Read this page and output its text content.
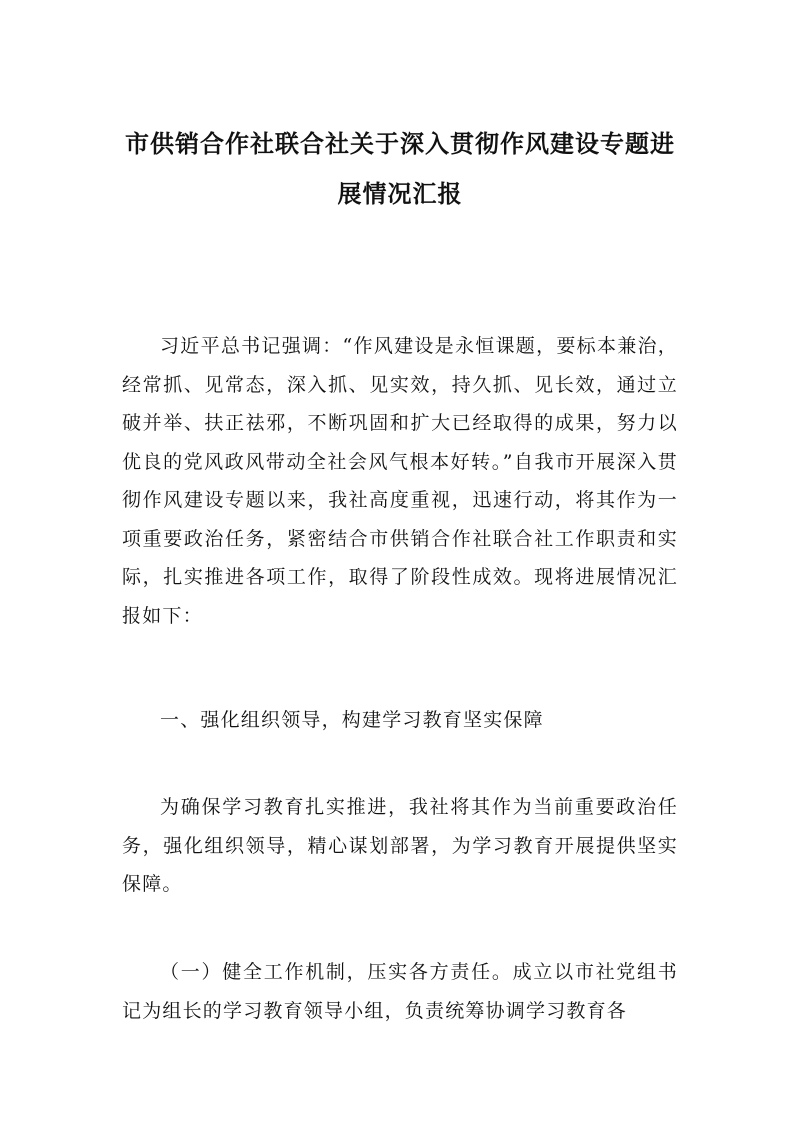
市供销合作社联合社关于深入贯彻作风建设专题进
展情况汇报

习近平总书记强调：“作风建设是永恒课题，要标本兼治，经常抓、见常态，深入抓、见实效，持久抓、见长效，通过立破并举、扶正祛邪，不断巩固和扩大已经取得的成果，努力以优良的党风政风带动全社会风气根本好转。”自我市开展深入贯彻作风建设专题以来，我社高度重视，迅速行动，将其作为一项重要政治任务，紧密结合市供销合作社联合社工作职责和实际，扎实推进各项工作，取得了阶段性成效。现将进展情况汇报如下：

一、强化组织领导，构建学习教育坚实保障

为确保学习教育扎实推进，我社将其作为当前重要政治任务，强化组织领导，精心谋划部署，为学习教育开展提供坚实保障。

（一）健全工作机制，压实各方责任。成立以市社党组书记为组长的学习教育领导小组，负责统筹协调学习教育各
